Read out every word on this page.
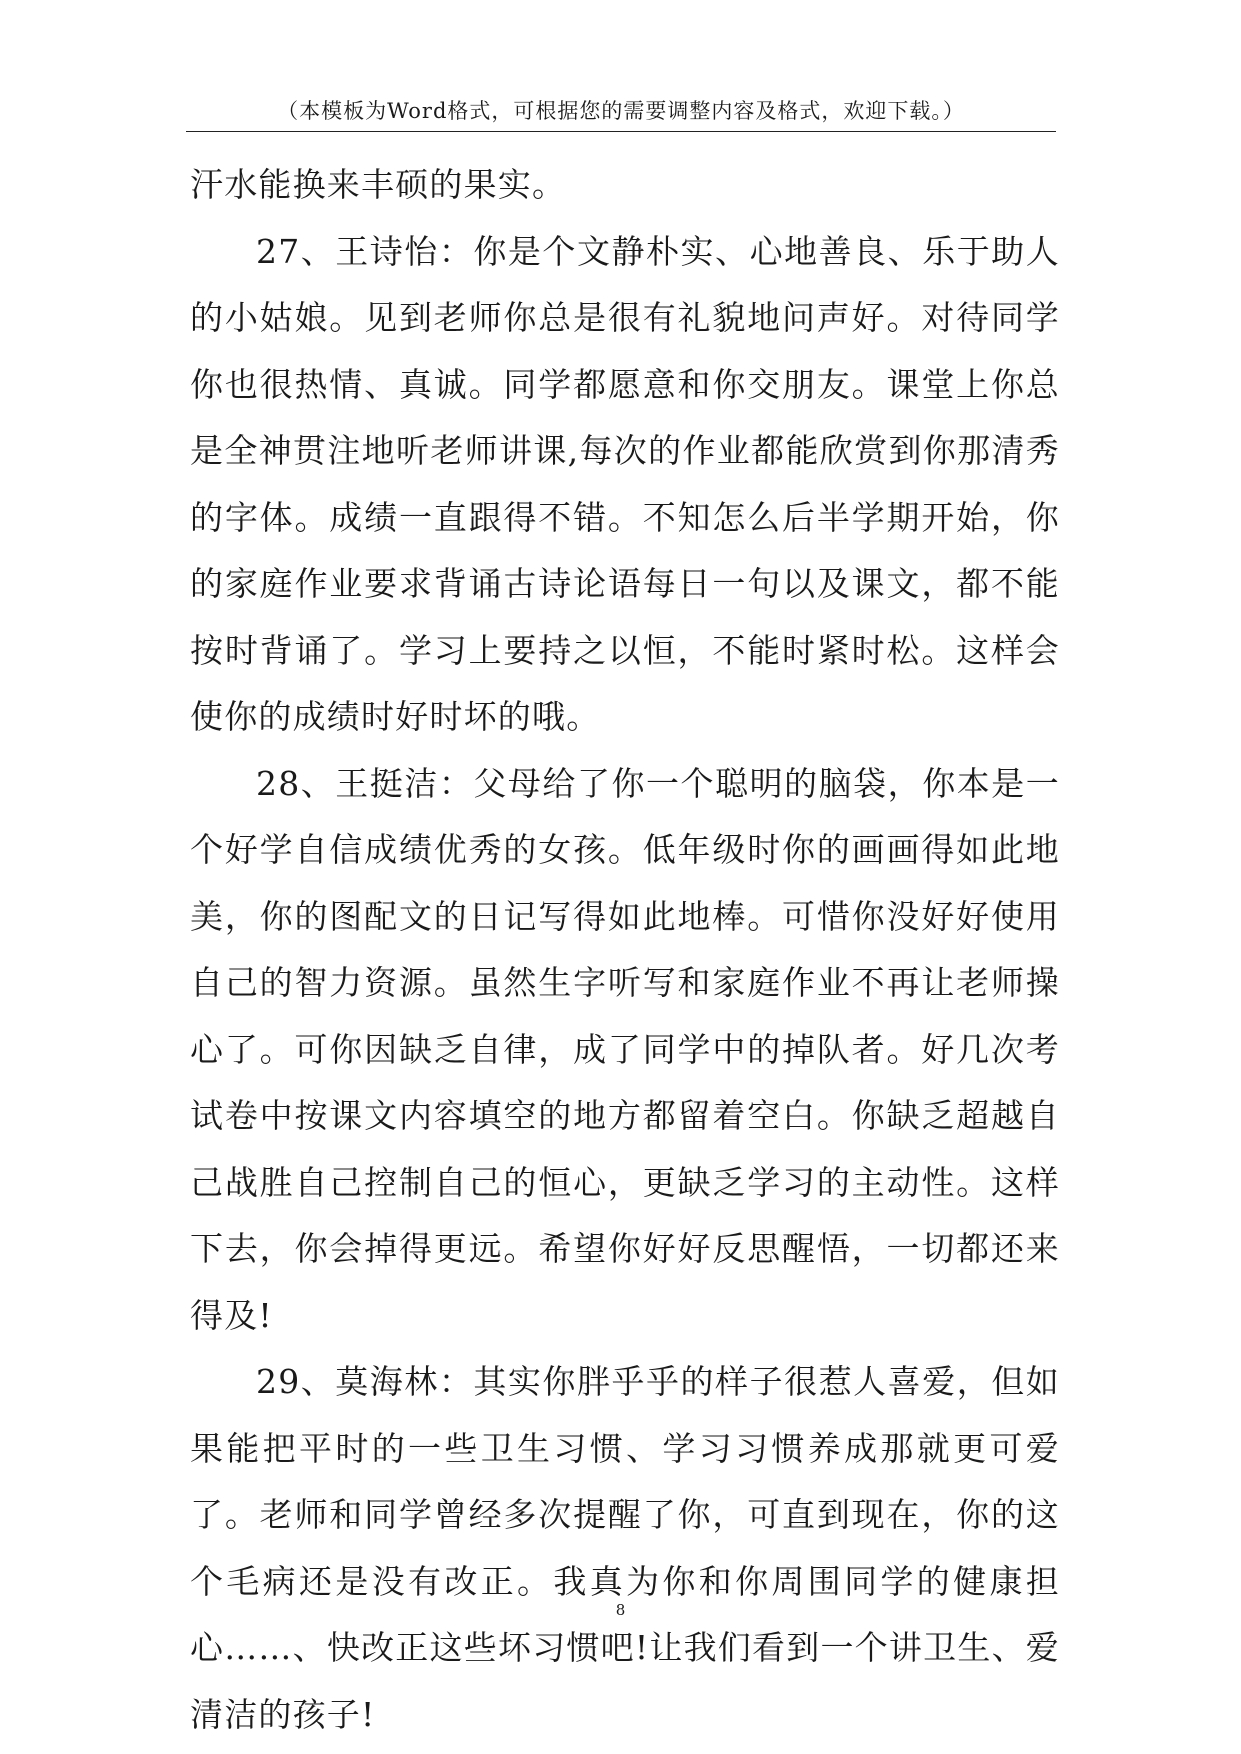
（本模板为Word格式，可根据您的需要调整内容及格式，欢迎下载。）

汗水能换来丰硕的果实。

27、王诗怡：你是个文静朴实、心地善良、乐于助人的小姑娘。见到老师你总是很有礼貌地问声好。对待同学你也很热情、真诚。同学都愿意和你交朋友。课堂上你总是全神贯注地听老师讲课,每次的作业都能欣赏到你那清秀的字体。成绩一直跟得不错。不知怎么后半学期开始，你的家庭作业要求背诵古诗论语每日一句以及课文，都不能按时背诵了。学习上要持之以恒，不能时紧时松。这样会使你的成绩时好时坏的哦。

28、王挺洁：父母给了你一个聪明的脑袋，你本是一个好学自信成绩优秀的女孩。低年级时你的画画得如此地美，你的图配文的日记写得如此地棒。可惜你没好好使用自己的智力资源。虽然生字听写和家庭作业不再让老师操心了。可你因缺乏自律，成了同学中的掉队者。好几次考试卷中按课文内容填空的地方都留着空白。你缺乏超越自己战胜自己控制自己的恒心，更缺乏学习的主动性。这样下去，你会掉得更远。希望你好好反思醒悟，一切都还来得及!

29、莫海林：其实你胖乎乎的样子很惹人喜爱，但如果能把平时的一些卫生习惯、学习习惯养成那就更可爱了。老师和同学曾经多次提醒了你，可直到现在，你的这个毛病还是没有改正。我真为你和你周围同学的健康担心……、快改正这些坏习惯吧!让我们看到一个讲卫生、爱清洁的孩子!

8
